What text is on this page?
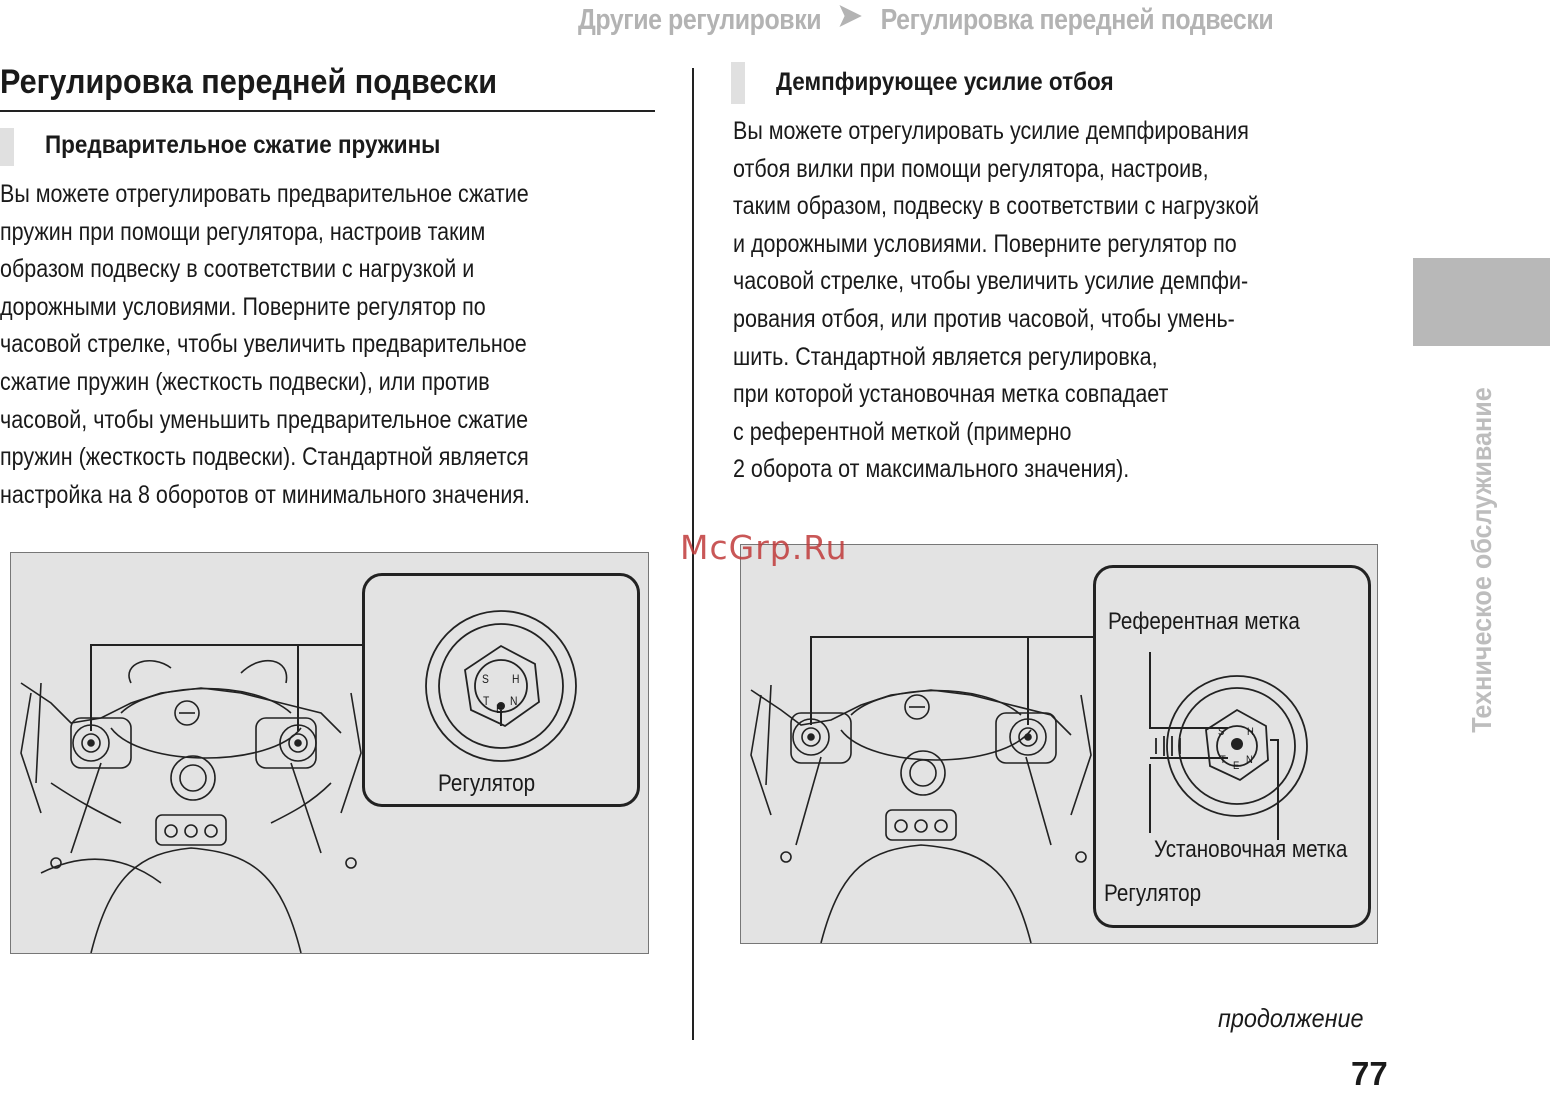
Другие регулировки Регулировка передней подвески
Регулировка передней подвески
Предварительное сжатие пружины
Вы можете отрегулировать предварительное сжатие
пружин при помощи регулятора, настроив таким
образом подвеску в соответствии с нагрузкой и
дорожными условиями. Поверните регулятор по
часовой стрелке, чтобы увеличить предварительное
сжатие пружин (жесткость подвески), или против
часовой, чтобы уменьшить предварительное сжатие
пружин (жесткость подвески). Стандартной является
настройка на 8 оборотов от минимального значения.
Демпфирующее усилие отбоя
Вы можете отрегулировать усилие демпфирования
отбоя вилки при помощи регулятора, настроив,
таким образом, подвеску в соответствии с нагрузкой
и дорожными условиями. Поверните регулятор по
часовой стрелке, чтобы увеличить усилие демпфи-
рования отбоя, или против часовой, чтобы умень-
шить. Стандартной является регулировка,
при которой установочная метка совпадает
с референтной меткой (примерно
2 оборота от максимального значения).
S H
T
E
N
Регулятор
S H
T E N
Референтная метка
Установочная метка
Регулятор
Техническое обслуживание
McGrp.Ru
продолжение
77
